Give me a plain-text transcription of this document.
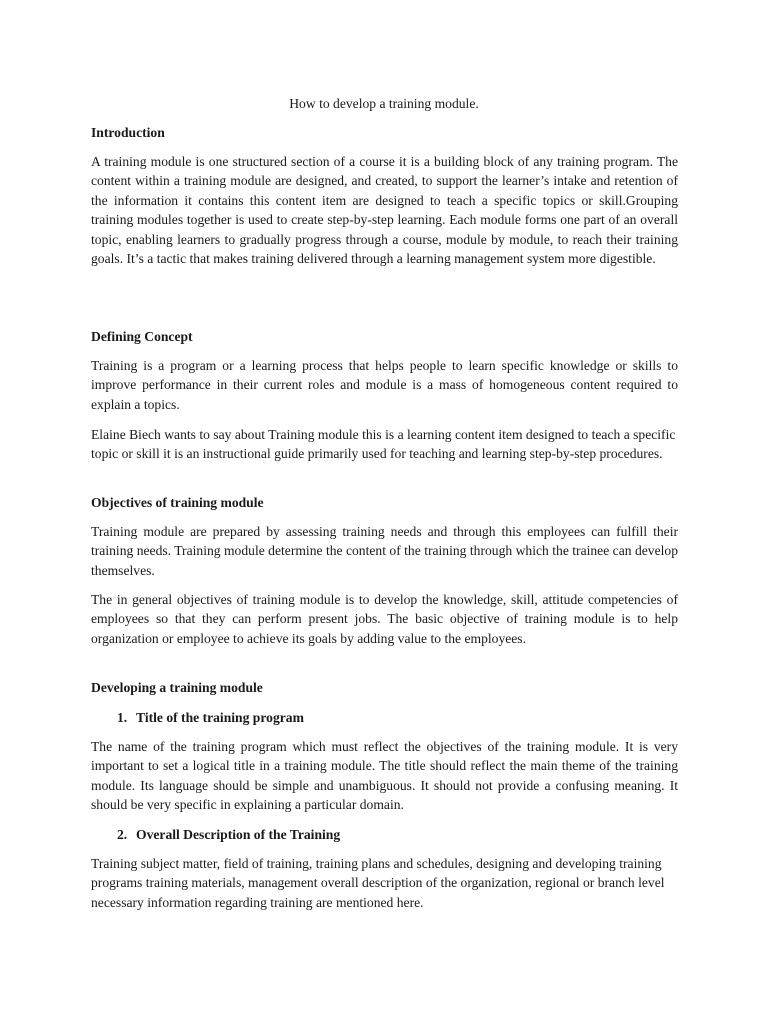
How to develop a training module.

Introduction

A training module is one structured section of a course it is a building block of any training program. The content within a training module are designed, and created, to support the learner’s intake and retention of the information it contains this content item are designed to teach a specific topics or skill.Grouping training modules together is used to create step-by-step learning. Each module forms one part of an overall topic, enabling learners to gradually progress through a course, module by module, to reach their training goals. It’s a tactic that makes training delivered through a learning management system more digestible.

Defining Concept

Training is a program or a learning process that helps people to learn specific knowledge or skills to improve performance in their current roles and module is a mass of homogeneous content required to explain a topics.

Elaine Biech wants to say about Training module this is a learning content item designed to teach a specific topic or skill it is an instructional guide primarily used for teaching and learning step-by-step procedures.

Objectives of training module

Training module are prepared by assessing training needs and through this employees can fulfill their training needs. Training module determine the content of the training through which the trainee can develop themselves.

The in general objectives of training module is to develop the knowledge, skill, attitude competencies of employees so that they can perform present jobs. The basic objective of training module is to help organization or employee to achieve its goals by adding value to the employees.

Developing a training module

1. Title of the training program

The name of the training program which must reflect the objectives of the training module. It is very important to set a logical title in a training module. The title should reflect the main theme of the training module. Its language should be simple and unambiguous. It should not provide a confusing meaning. It should be very specific in explaining a particular domain.

2. Overall Description of the Training

Training subject matter, field of training, training plans and schedules, designing and developing training programs training materials, management overall description of the organization, regional or branch level necessary information regarding training are mentioned here.
